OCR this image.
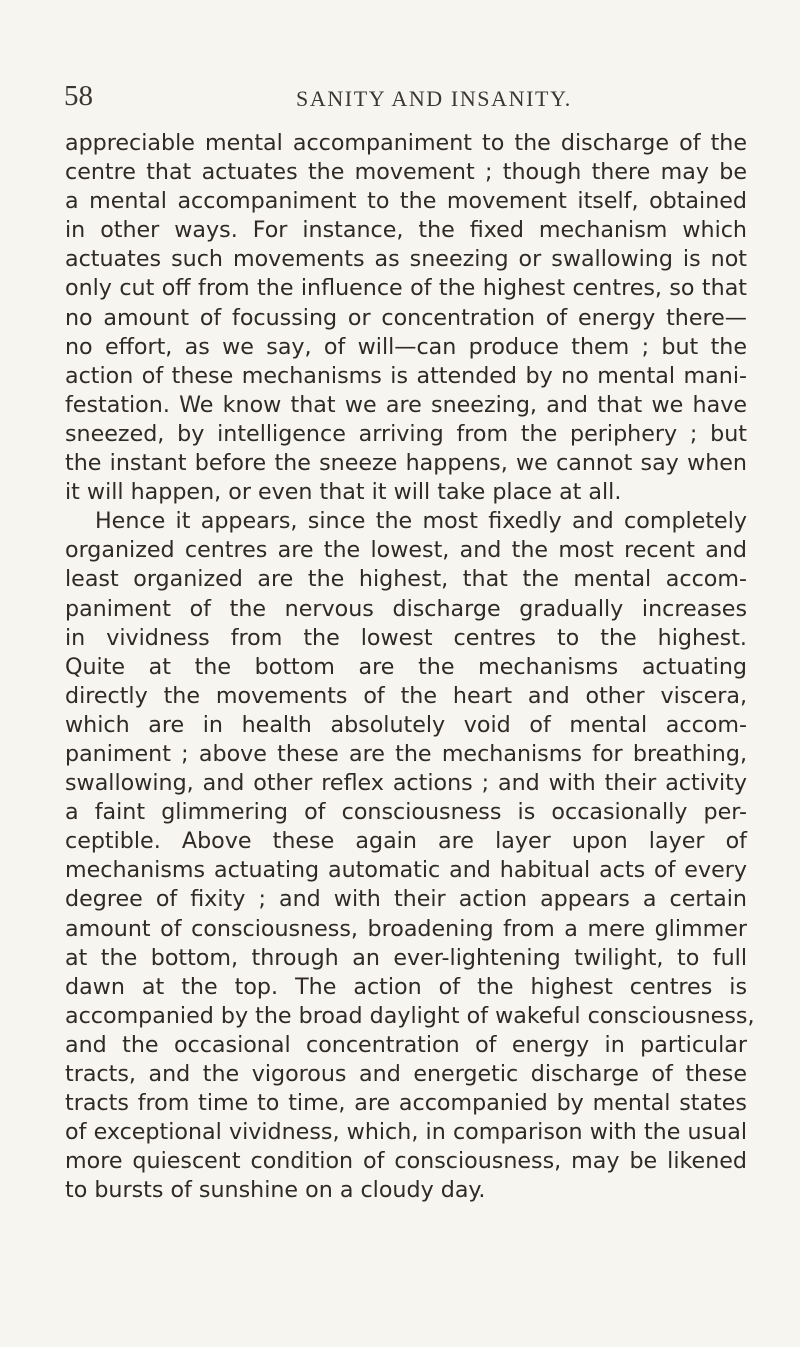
58	SANITY AND INSANITY.
appreciable mental accompaniment to the discharge of the
centre that actuates the movement ; though there may be
a mental accompaniment to the movement itself, obtained
in other ways. For instance, the fixed mechanism which
actuates such movements as sneezing or swallowing is not
only cut off from the influence of the highest centres, so that
no amount of focussing or concentration of energy there—
no effort, as we say, of will—can produce them ; but the
action of these mechanisms is attended by no mental mani-
festation. We know that we are sneezing, and that we have
sneezed, by intelligence arriving from the periphery ; but
the instant before the sneeze happens, we cannot say when
it will happen, or even that it will take place at all.
Hence it appears, since the most fixedly and completely
organized centres are the lowest, and the most recent and
least organized are the highest, that the mental accom-
paniment of the nervous discharge gradually increases
in vividness from the lowest centres to the highest.
Quite at the bottom are the mechanisms actuating
directly the movements of the heart and other viscera,
which are in health absolutely void of mental accom-
paniment ; above these are the mechanisms for breathing,
swallowing, and other reflex actions ; and with their activity
a faint glimmering of consciousness is occasionally per-
ceptible. Above these again are layer upon layer of
mechanisms actuating automatic and habitual acts of every
degree of fixity ; and with their action appears a certain
amount of consciousness, broadening from a mere glimmer
at the bottom, through an ever-lightening twilight, to full
dawn at the top. The action of the highest centres is
accompanied by the broad daylight of wakeful consciousness,
and the occasional concentration of energy in particular
tracts, and the vigorous and energetic discharge of these
tracts from time to time, are accompanied by mental states
of exceptional vividness, which, in comparison with the usual
more quiescent condition of consciousness, may be likened
to bursts of sunshine on a cloudy day.
